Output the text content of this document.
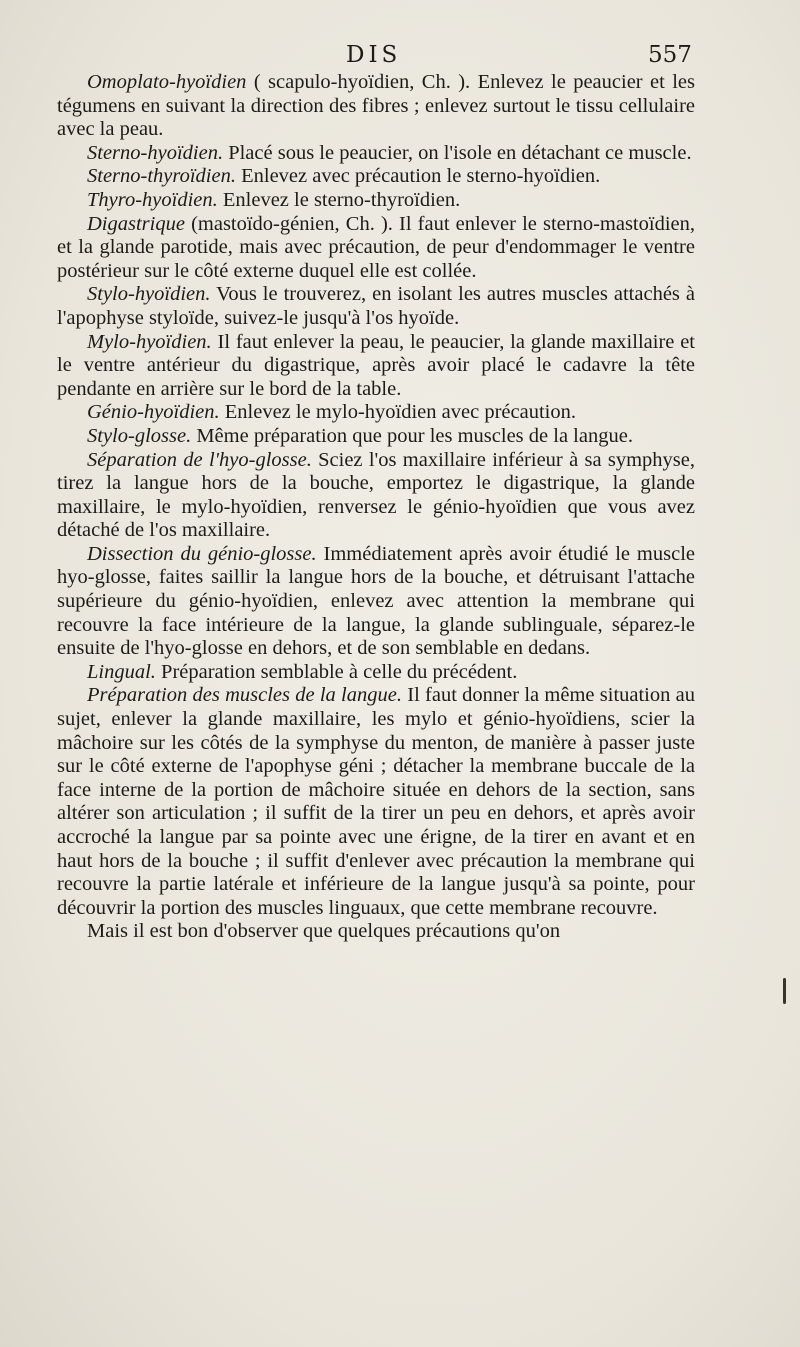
DIS	557

Omoplato-hyoïdien ( scapulo-hyoïdien, Ch. ). Enlevez le peaucier et les tégumens en suivant la direction des fibres ; enlevez surtout le tissu cellulaire avec la peau.

Sterno-hyoïdien. Placé sous le peaucier, on l'isole en détachant ce muscle.

Sterno-thyroïdien. Enlevez avec précaution le sterno-hyoïdien.

Thyro-hyoïdien. Enlevez le sterno-thyroïdien.

Digastrique (mastoïdo-génien, Ch. ). Il faut enlever le sterno-mastoïdien, et la glande parotide, mais avec précaution, de peur d'endommager le ventre postérieur sur le côté externe duquel elle est collée.

Stylo-hyoïdien. Vous le trouverez, en isolant les autres muscles attachés à l'apophyse styloïde, suivez-le jusqu'à l'os hyoïde.

Mylo-hyoïdien. Il faut enlever la peau, le peaucier, la glande maxillaire et le ventre antérieur du digastrique, après avoir placé le cadavre la tête pendante en arrière sur le bord de la table.

Génio-hyoïdien. Enlevez le mylo-hyoïdien avec précaution.

Stylo-glosse. Même préparation que pour les muscles de la langue.

Séparation de l'hyo-glosse. Sciez l'os maxillaire inférieur à sa symphyse, tirez la langue hors de la bouche, emportez le digastrique, la glande maxillaire, le mylo-hyoïdien, renversez le génio-hyoïdien que vous avez détaché de l'os maxillaire.

Dissection du génio-glosse. Immédiatement après avoir étudié le muscle hyo-glosse, faites saillir la langue hors de la bouche, et détruisant l'attache supérieure du génio-hyoïdien, enlevez avec attention la membrane qui recouvre la face intérieure de la langue, la glande sublinguale, séparez-le ensuite de l'hyo-glosse en dehors, et de son semblable en dedans.

Lingual. Préparation semblable à celle du précédent.

Préparation des muscles de la langue. Il faut donner la même situation au sujet, enlever la glande maxillaire, les mylo et génio-hyoïdiens, scier la mâchoire sur les côtés de la symphyse du menton, de manière à passer juste sur le côté externe de l'apophyse géni ; détacher la membrane buccale de la face interne de la portion de mâchoire située en dehors de la section, sans altérer son articulation ; il suffit de la tirer un peu en dehors, et après avoir accroché la langue par sa pointe avec une érigne, de la tirer en avant et en haut hors de la bouche ; il suffit d'enlever avec précaution la membrane qui recouvre la partie latérale et inférieure de la langue jusqu'à sa pointe, pour découvrir la portion des muscles linguaux, que cette membrane recouvre.

Mais il est bon d'observer que quelques précautions qu'on
